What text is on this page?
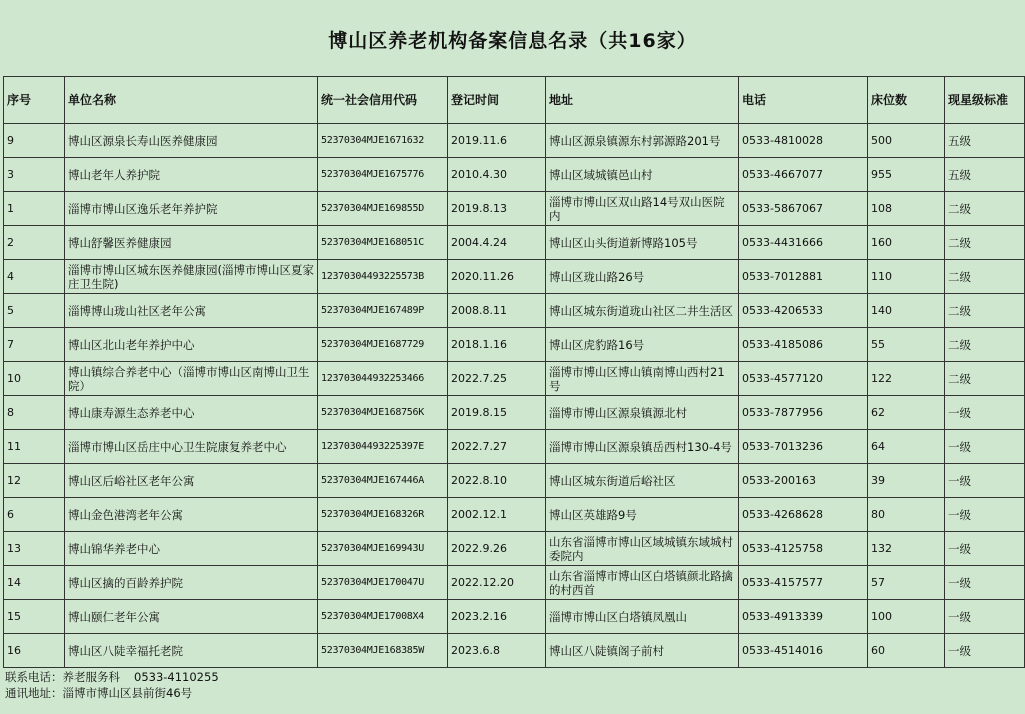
博山区养老机构备案信息名录（共16家）
序号	单位名称	统一社会信用代码	登记时间	地址	电话	床位数	现星级标准
9	博山区源泉长寿山医养健康园	52370304MJE1671632	2019.11.6	博山区源泉镇源东村郭源路201号	0533-4810028	500	五级
3	博山老年人养护院	52370304MJE1675776	2010.4.30	博山区域城镇邑山村	0533-4667077	955	五级
1	淄博市博山区逸乐老年养护院	52370304MJE169855D	2019.8.13	淄博市博山区双山路14号双山医院内	0533-5867067	108	二级
2	博山舒馨医养健康园	52370304MJE168051C	2004.4.24	博山区山头街道新博路105号	0533-4431666	160	二级
4	淄博市博山区城东医养健康园(淄博市博山区夏家庄卫生院)	12370304493225573B	2020.11.26	博山区珑山路26号	0533-7012881	110	二级
5	淄博博山珑山社区老年公寓	52370304MJE167489P	2008.8.11	博山区城东街道珑山社区二井生活区	0533-4206533	140	二级
7	博山区北山老年养护中心	52370304MJE1687729	2018.1.16	博山区虎豹路16号	0533-4185086	55	二级
10	博山镇综合养老中心（淄博市博山区南博山卫生院）	123703044932253466	2022.7.25	淄博市博山区博山镇南博山西村21号	0533-4577120	122	二级
8	博山康寿源生态养老中心	52370304MJE168756K	2019.8.15	淄博市博山区源泉镇源北村	0533-7877956	62	一级
11	淄博市博山区岳庄中心卫生院康复养老中心	12370304493225397E	2022.7.27	淄博市博山区源泉镇岳西村130-4号	0533-7013236	64	一级
12	博山区后峪社区老年公寓	52370304MJE167446A	2022.8.10	博山区城东街道后峪社区	0533-200163	39	一级
6	博山金色港湾老年公寓	52370304MJE168326R	2002.12.1	博山区英雄路9号	0533-4268628	80	一级
13	博山锦华养老中心	52370304MJE169943U	2022.9.26	山东省淄博市博山区域城镇东域城村委院内	0533-4125758	132	一级
14	博山区擒的百龄养护院	52370304MJE170047U	2022.12.20	山东省淄博市博山区白塔镇颜北路擒的村西首	0533-4157577	57	一级
15	博山颐仁老年公寓	52370304MJE17008X4	2023.2.16	淄博市博山区白塔镇凤凰山	0533-4913339	100	一级
16	博山区八陡幸福托老院	52370304MJE168385W	2023.6.8	博山区八陡镇阁子前村	0533-4514016	60	一级
联系电话：养老服务科 0533-4110255
通讯地址：淄博市博山区县前街46号
